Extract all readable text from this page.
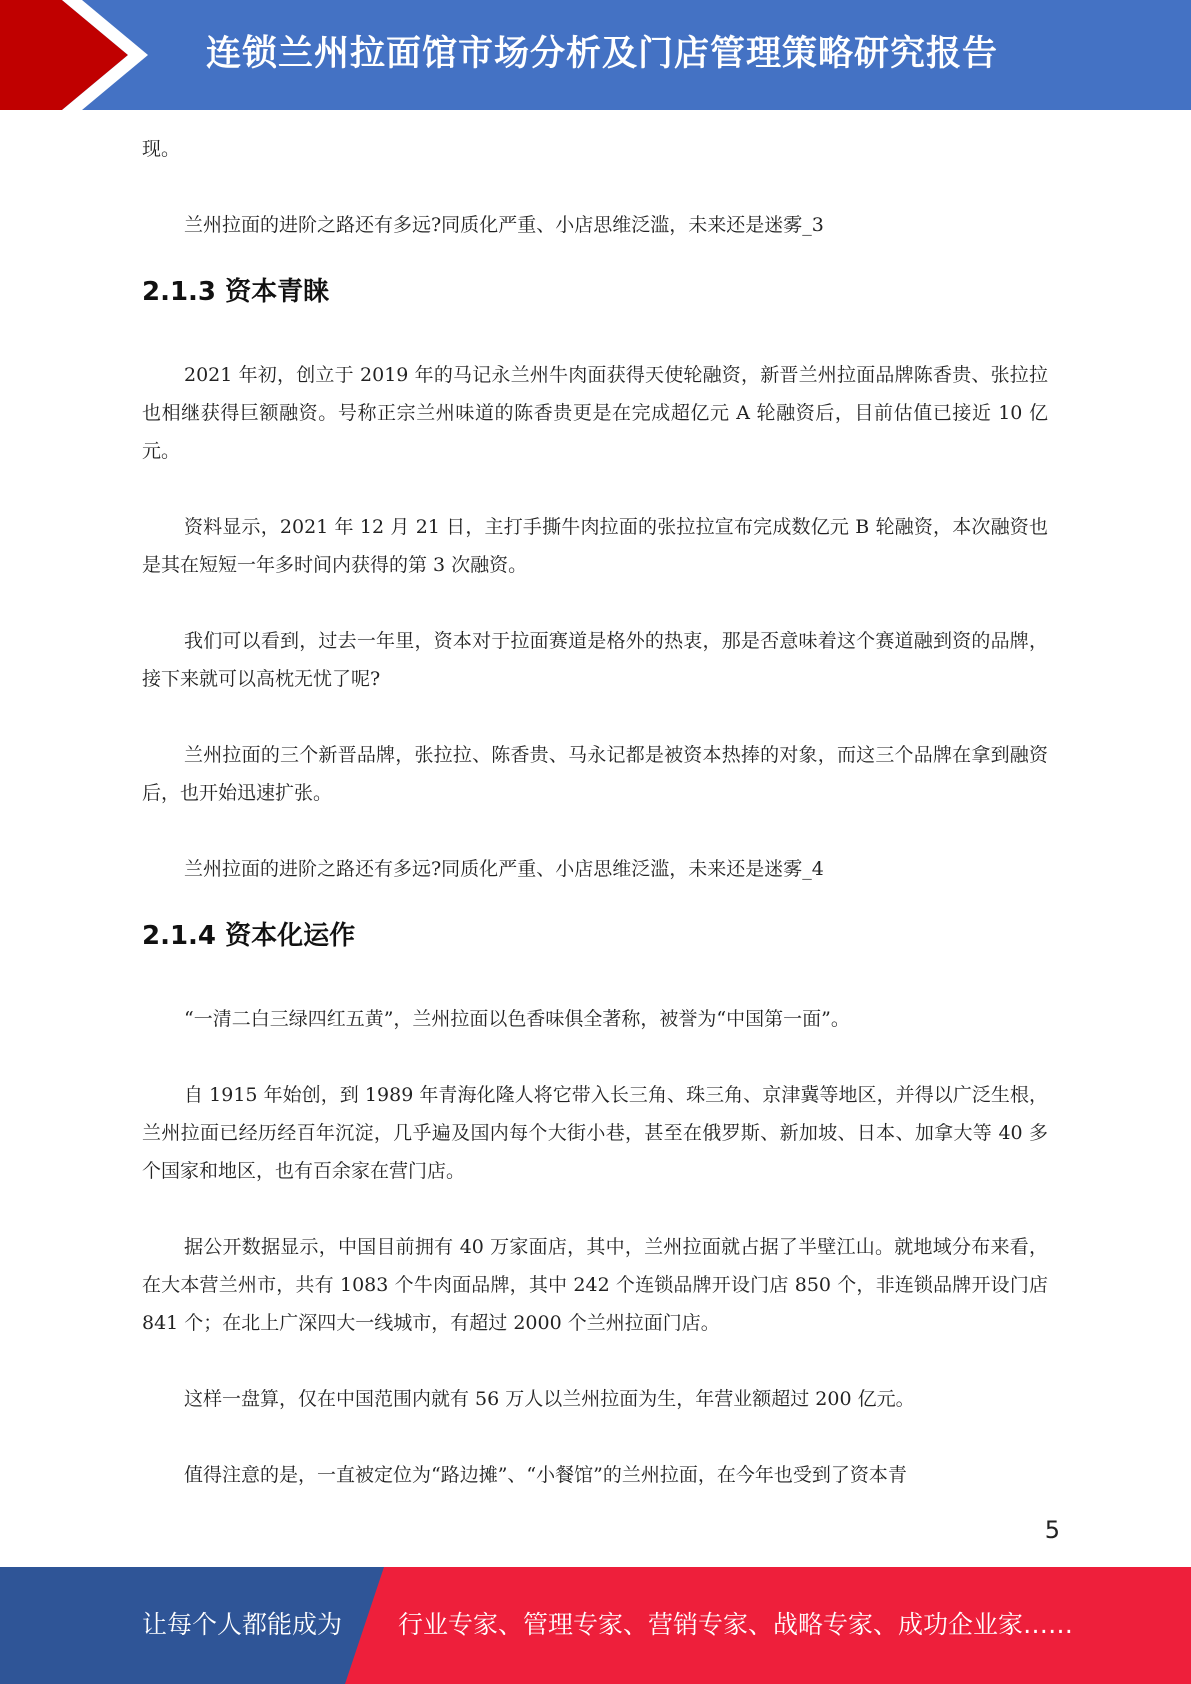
连锁兰州拉面馆市场分析及门店管理策略研究报告

现。

兰州拉面的进阶之路还有多远?同质化严重、小店思维泛滥，未来还是迷雾_3

2.1.3 资本青睐

2021 年初，创立于 2019 年的马记永兰州牛肉面获得天使轮融资，新晋兰州拉面品牌陈香贵、张拉拉也相继获得巨额融资。号称正宗兰州味道的陈香贵更是在完成超亿元 A 轮融资后，目前估值已接近 10 亿元。

资料显示，2021 年 12 月 21 日，主打手撕牛肉拉面的张拉拉宣布完成数亿元 B 轮融资，本次融资也是其在短短一年多时间内获得的第 3 次融资。

我们可以看到，过去一年里，资本对于拉面赛道是格外的热衷，那是否意味着这个赛道融到资的品牌，接下来就可以高枕无忧了呢?

兰州拉面的三个新晋品牌，张拉拉、陈香贵、马永记都是被资本热捧的对象，而这三个品牌在拿到融资后，也开始迅速扩张。

兰州拉面的进阶之路还有多远?同质化严重、小店思维泛滥，未来还是迷雾_4

2.1.4 资本化运作

“一清二白三绿四红五黄”，兰州拉面以色香味俱全著称，被誉为“中国第一面”。

自 1915 年始创，到 1989 年青海化隆人将它带入长三角、珠三角、京津冀等地区，并得以广泛生根，兰州拉面已经历经百年沉淀，几乎遍及国内每个大街小巷，甚至在俄罗斯、新加坡、日本、加拿大等 40 多个国家和地区，也有百余家在营门店。

据公开数据显示，中国目前拥有 40 万家面店，其中，兰州拉面就占据了半壁江山。就地域分布来看，在大本营兰州市，共有 1083 个牛肉面品牌，其中 242 个连锁品牌开设门店 850 个，非连锁品牌开设门店 841 个；在北上广深四大一线城市，有超过 2000 个兰州拉面门店。

这样一盘算，仅在中国范围内就有 56 万人以兰州拉面为生，年营业额超过 200 亿元。

值得注意的是，一直被定位为“路边摊”、“小餐馆”的兰州拉面，在今年也受到了资本青

5
让每个人都能成为 行业专家、管理专家、营销专家、战略专家、成功企业家……
